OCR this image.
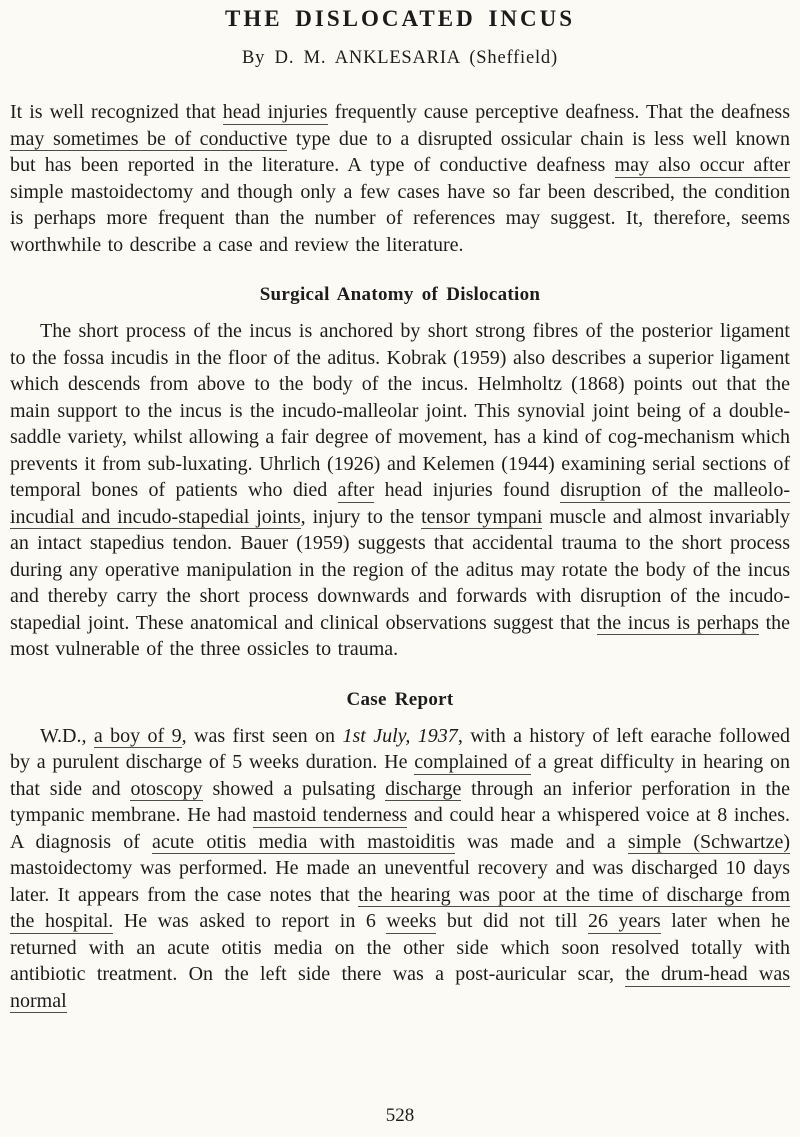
THE DISLOCATED INCUS
By D. M. ANKLESARIA (Sheffield)

It is well recognized that head injuries frequently cause perceptive deafness. That the deafness may sometimes be of conductive type due to a disrupted ossicular chain is less well known but has been reported in the literature. A type of conductive deafness may also occur after simple mastoidectomy and though only a few cases have so far been described, the condition is perhaps more frequent than the number of references may suggest. It, therefore, seems worthwhile to describe a case and review the literature.

Surgical Anatomy of Dislocation

The short process of the incus is anchored by short strong fibres of the posterior ligament to the fossa incudis in the floor of the aditus. Kobrak (1959) also describes a superior ligament which descends from above to the body of the incus. Helmholtz (1868) points out that the main support to the incus is the incudo-malleolar joint. This synovial joint being of a double-saddle variety, whilst allowing a fair degree of movement, has a kind of cog-mechanism which prevents it from sub-luxating. Uhrlich (1926) and Kelemen (1944) examining serial sections of temporal bones of patients who died after head injuries found disruption of the malleolo-incudial and incudo-stapedial joints, injury to the tensor tympani muscle and almost invariably an intact stapedius tendon. Bauer (1959) suggests that accidental trauma to the short process during any operative manipulation in the region of the aditus may rotate the body of the incus and thereby carry the short process downwards and forwards with disruption of the incudo-stapedial joint. These anatomical and clinical observations suggest that the incus is perhaps the most vulnerable of the three ossicles to trauma.

Case Report

W.D., a boy of 9, was first seen on 1st July, 1937, with a history of left earache followed by a purulent discharge of 5 weeks duration. He complained of a great difficulty in hearing on that side and otoscopy showed a pulsating discharge through an inferior perforation in the tympanic membrane. He had mastoid tenderness and could hear a whispered voice at 8 inches. A diagnosis of acute otitis media with mastoiditis was made and a simple (Schwartze) mastoidectomy was performed. He made an uneventful recovery and was discharged 10 days later. It appears from the case notes that the hearing was poor at the time of discharge from the hospital. He was asked to report in 6 weeks but did not till 26 years later when he returned with an acute otitis media on the other side which soon resolved totally with antibiotic treatment. On the left side there was a post-auricular scar, the drum-head was normal

528
